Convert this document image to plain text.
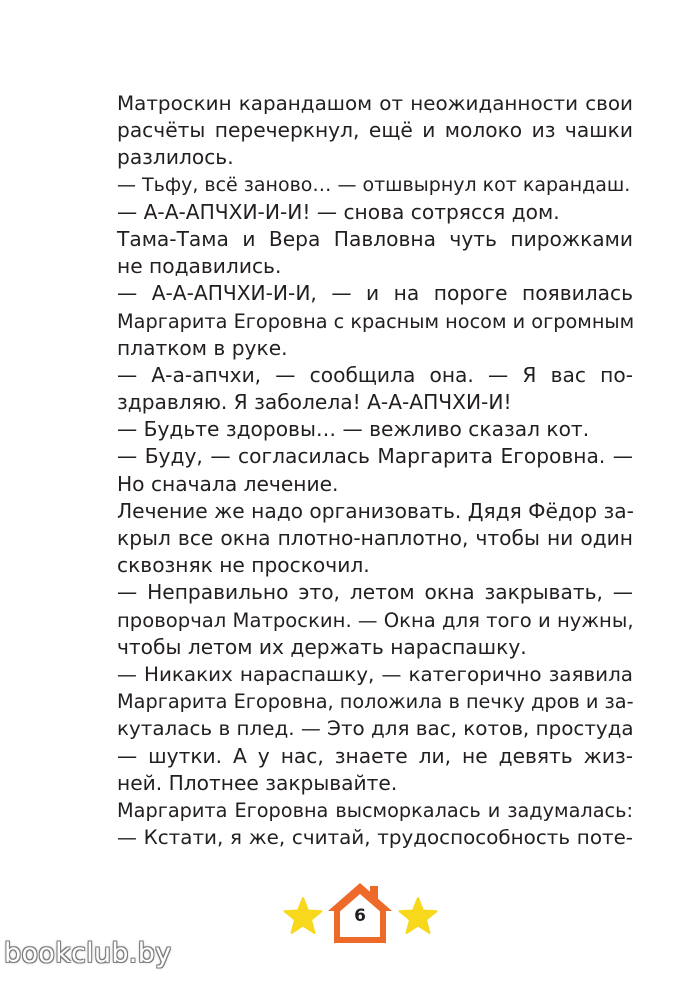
Матроскин карандашом от неожиданности свои
расчёты перечеркнул, ещё и молоко из чашки
разлилось.
— Тьфу, всё заново… — отшвырнул кот карандаш.
— А-А-АПЧХИ-И-И! — снова сотрясся дом.
Тама-Тама и Вера Павловна чуть пирожками
не подавились.
— А-А-АПЧХИ-И-И, — и на пороге появилась
Маргарита Егоровна с красным носом и огромным
платком в руке.
— А-а-апчхи, — сообщила она. — Я вас по-
здравляю. Я заболела! А-А-АПЧХИ-И!
— Будьте здоровы… — вежливо сказал кот.
— Буду, — согласилась Маргарита Егоровна. —
Но сначала лечение.
Лечение же надо организовать. Дядя Фёдор за-
крыл все окна плотно-наплотно, чтобы ни один
сквозняк не проскочил.
— Неправильно это, летом окна закрывать, —
проворчал Матроскин. — Окна для того и нужны,
чтобы летом их держать нараспашку.
— Никаких нараспашку, — категорично заявила
Маргарита Егоровна, положила в печку дров и за-
куталась в плед. — Это для вас, котов, простуда
— шутки. А у нас, знаете ли, не девять жиз-
ней. Плотнее закрывайте.
Маргарита Егоровна высморкалась и задумалась:
— Кстати, я же, считай, трудоспособность поте-
6
bookclub.by
